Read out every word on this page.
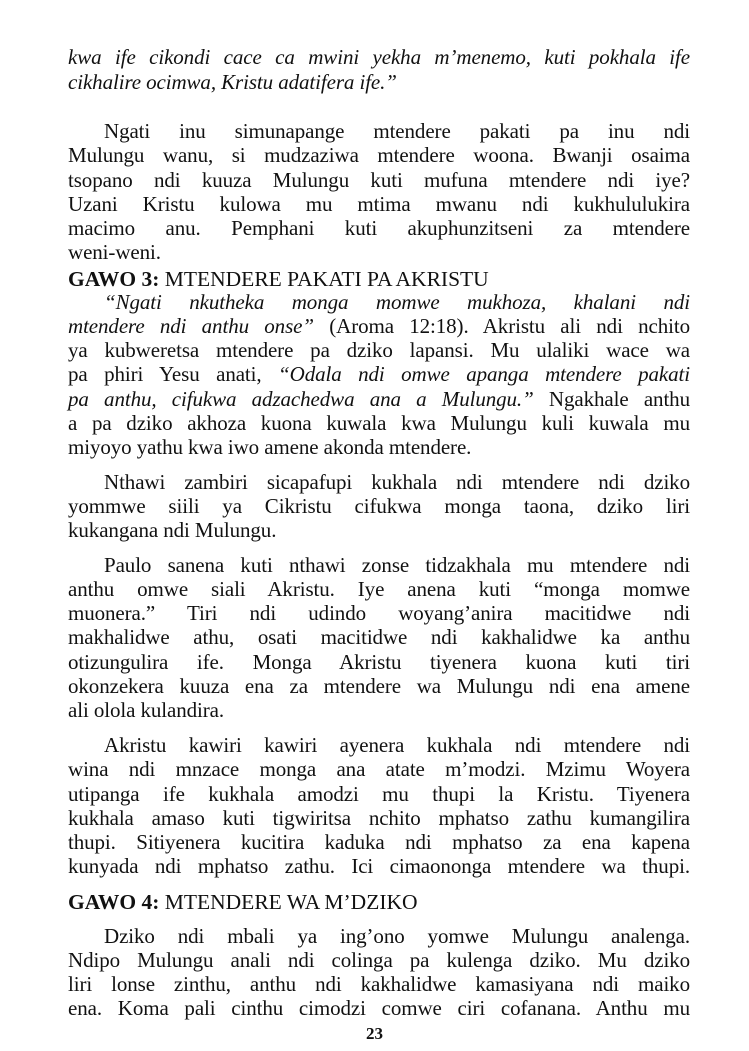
kwa ife cikondi cace ca mwini yekha m’menemo, kuti pokhala ife
cikhalire ocimwa, Kristu adatifera ife.”
Ngati inu simunapange mtendere pakati pa inu ndi
Mulungu wanu, si mudzaziwa mtendere woona. Bwanji osaima
tsopano ndi kuuza Mulungu kuti mufuna mtendere ndi iye?
Uzani Kristu kulowa mu mtima mwanu ndi kukhululukira
macimo anu. Pemphani kuti akuphunzitseni za mtendere
weni-weni.
GAWO 3: MTENDERE PAKATI PA AKRISTU
“Ngati nkutheka monga momwe mukhoza, khalani ndi
mtendere ndi anthu onse” (Aroma 12:18). Akristu ali ndi nchito
ya kubweretsa mtendere pa dziko lapansi. Mu ulaliki wace wa
pa phiri Yesu anati, “Odala ndi omwe apanga mtendere pakati
pa anthu, cifukwa adzachedwa ana a Mulungu.” Ngakhale anthu
a pa dziko akhoza kuona kuwala kwa Mulungu kuli kuwala mu
miyoyo yathu kwa iwo amene akonda mtendere.
Nthawi zambiri sicapafupi kukhala ndi mtendere ndi dziko
yommwe siili ya Cikristu cifukwa monga taona, dziko liri
kukangana ndi Mulungu.
Paulo sanena kuti nthawi zonse tidzakhala mu mtendere ndi
anthu omwe siali Akristu. Iye anena kuti “monga momwe
muonera.” Tiri ndi udindo woyang’anira macitidwe ndi
makhalidwe athu, osati macitidwe ndi kakhalidwe ka anthu
otizungulira ife. Monga Akristu tiyenera kuona kuti tiri
okonzekera kuuza ena za mtendere wa Mulungu ndi ena amene
ali olola kulandira.
Akristu kawiri kawiri ayenera kukhala ndi mtendere ndi
wina ndi mnzace monga ana atate m’modzi. Mzimu Woyera
utipanga ife kukhala amodzi mu thupi la Kristu. Tiyenera
kukhala amaso kuti tigwiritsa nchito mphatso zathu kumangilira
thupi. Sitiyenera kucitira kaduka ndi mphatso za ena kapena
kunyada ndi mphatso zathu. Ici cimaononga mtendere wa thupi.
GAWO 4: MTENDERE WA M’DZIKO
Dziko ndi mbali ya ing’ono yomwe Mulungu analenga.
Ndipo Mulungu anali ndi colinga pa kulenga dziko. Mu dziko
liri lonse zinthu, anthu ndi kakhalidwe kamasiyana ndi maiko
ena. Koma pali cinthu cimodzi comwe ciri cofanana. Anthu mu
23
